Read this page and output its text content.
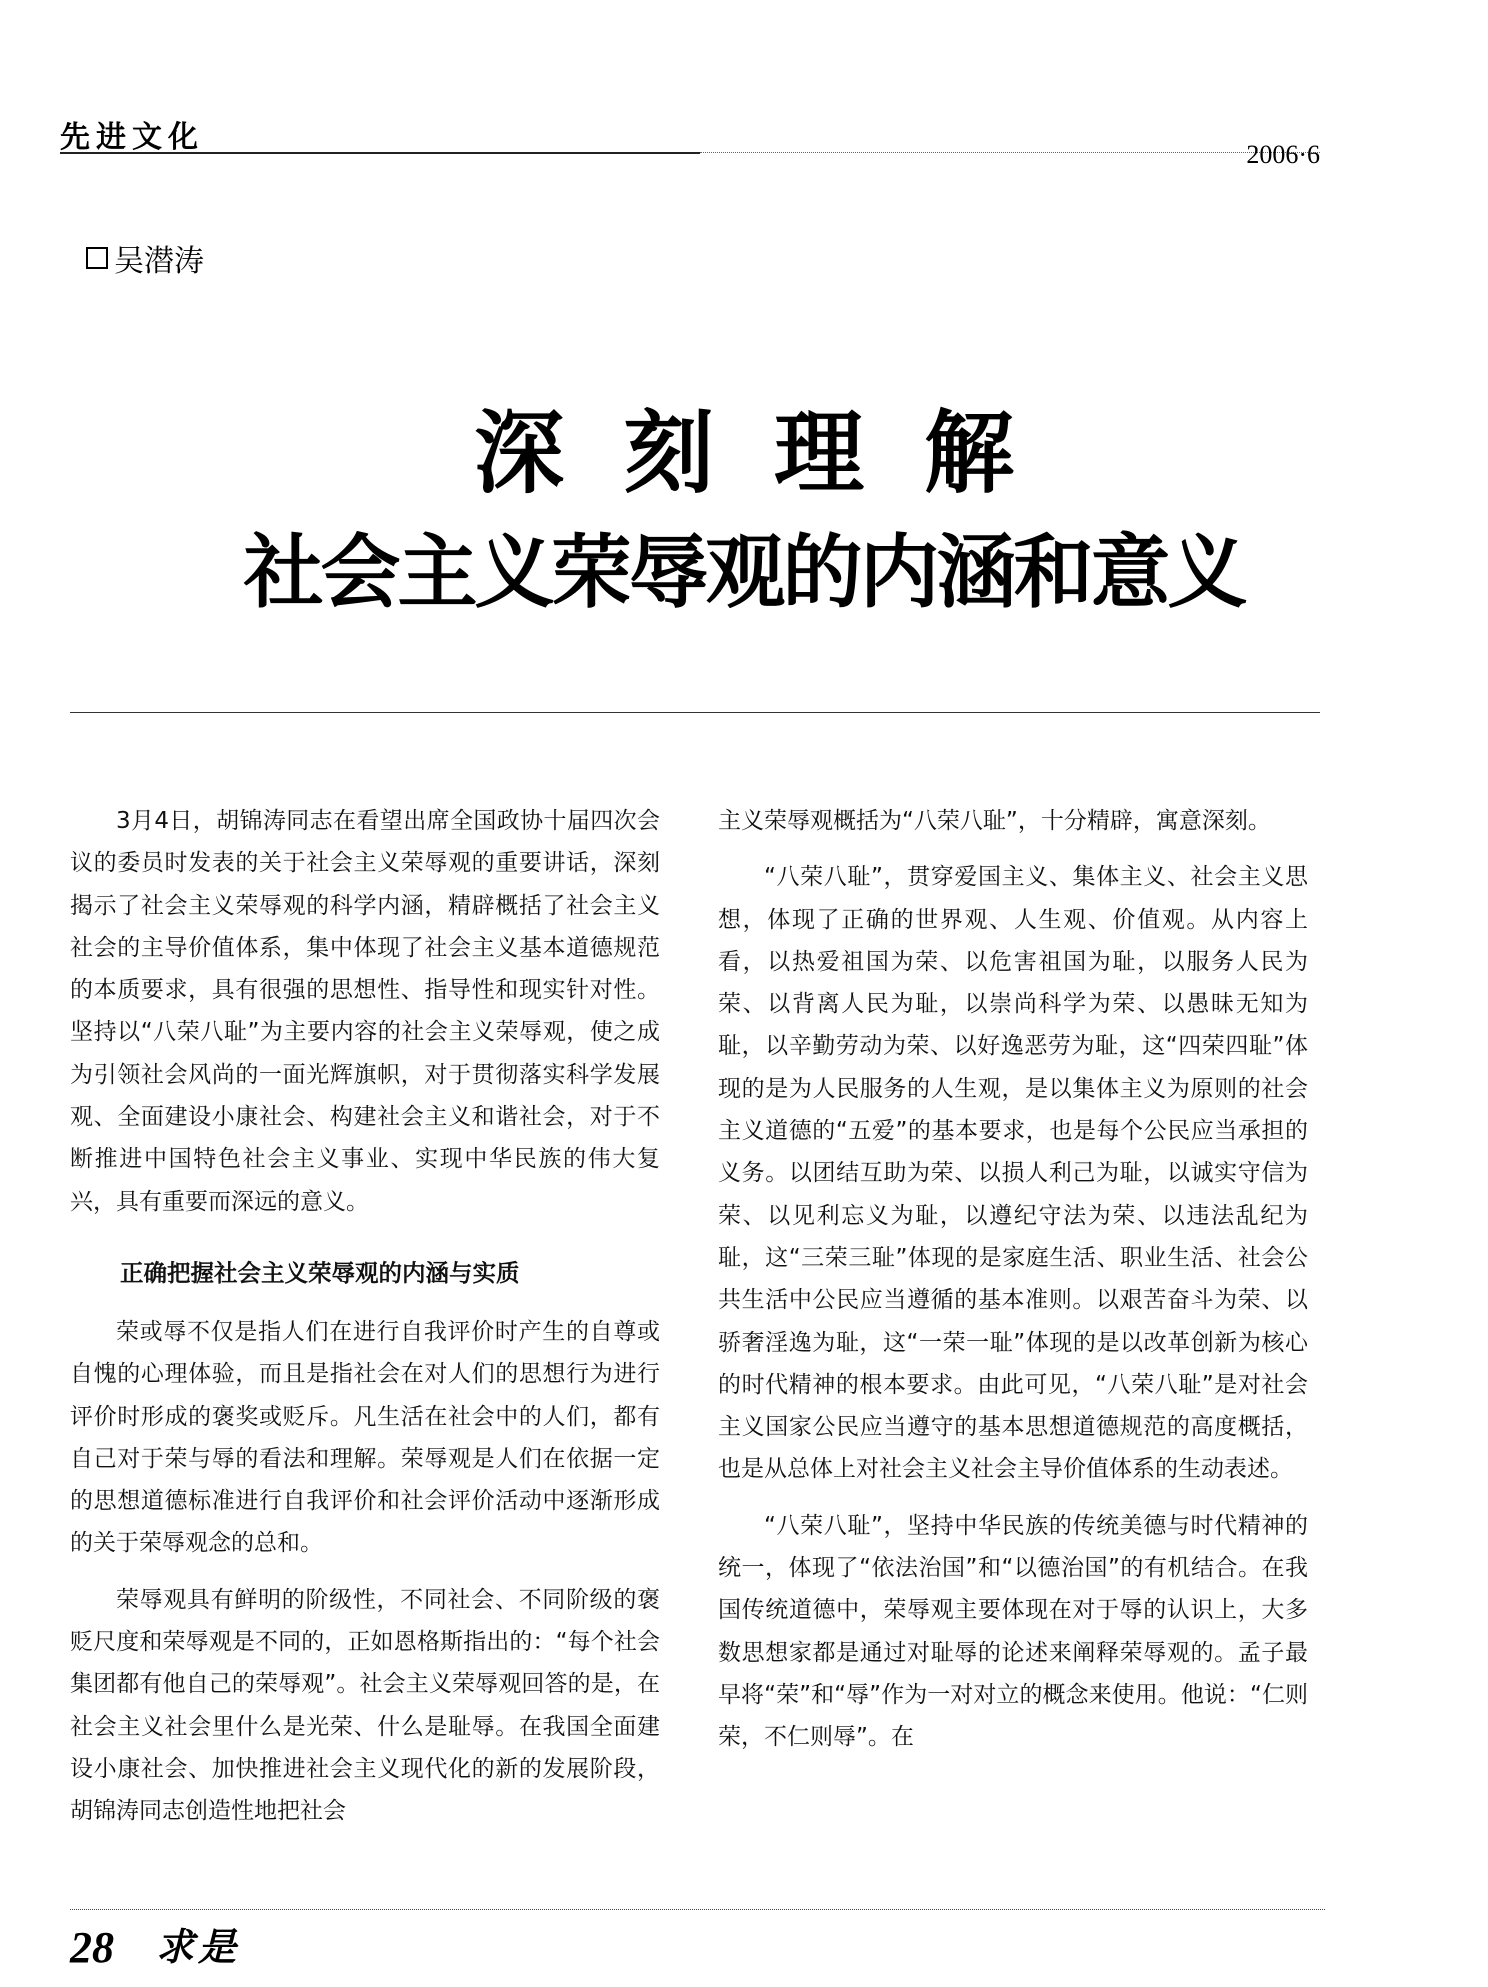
先进文化	2006·6
吴潜涛
深刻理解
社会主义荣辱观的内涵和意义

3月4日，胡锦涛同志在看望出席全国政协十届四次会议的委员时发表的关于社会主义荣辱观的重要讲话，深刻揭示了社会主义荣辱观的科学内涵，精辟概括了社会主义社会的主导价值体系，集中体现了社会主义基本道德规范的本质要求，具有很强的思想性、指导性和现实针对性。坚持以“八荣八耻”为主要内容的社会主义荣辱观，使之成为引领社会风尚的一面光辉旗帜，对于贯彻落实科学发展观、全面建设小康社会、构建社会主义和谐社会，对于不断推进中国特色社会主义事业、实现中华民族的伟大复兴，具有重要而深远的意义。

正确把握社会主义荣辱观的内涵与实质

荣或辱不仅是指人们在进行自我评价时产生的自尊或自愧的心理体验，而且是指社会在对人们的思想行为进行评价时形成的褒奖或贬斥。凡生活在社会中的人们，都有自己对于荣与辱的看法和理解。荣辱观是人们在依据一定的思想道德标准进行自我评价和社会评价活动中逐渐形成的关于荣辱观念的总和。

荣辱观具有鲜明的阶级性，不同社会、不同阶级的褒贬尺度和荣辱观是不同的，正如恩格斯指出的：“每个社会集团都有他自己的荣辱观”。社会主义荣辱观回答的是，在社会主义社会里什么是光荣、什么是耻辱。在我国全面建设小康社会、加快推进社会主义现代化的新的发展阶段，胡锦涛同志创造性地把社会

主义荣辱观概括为“八荣八耻”，十分精辟，寓意深刻。

“八荣八耻”，贯穿爱国主义、集体主义、社会主义思想，体现了正确的世界观、人生观、价值观。从内容上看，以热爱祖国为荣、以危害祖国为耻，以服务人民为荣、以背离人民为耻，以崇尚科学为荣、以愚昧无知为耻，以辛勤劳动为荣、以好逸恶劳为耻，这“四荣四耻”体现的是为人民服务的人生观，是以集体主义为原则的社会主义道德的“五爱”的基本要求，也是每个公民应当承担的义务。以团结互助为荣、以损人利己为耻，以诚实守信为荣、以见利忘义为耻，以遵纪守法为荣、以违法乱纪为耻，这“三荣三耻”体现的是家庭生活、职业生活、社会公共生活中公民应当遵循的基本准则。以艰苦奋斗为荣、以骄奢淫逸为耻，这“一荣一耻”体现的是以改革创新为核心的时代精神的根本要求。由此可见，“八荣八耻”是对社会主义国家公民应当遵守的基本思想道德规范的高度概括，也是从总体上对社会主义社会主导价值体系的生动表述。

“八荣八耻”，坚持中华民族的传统美德与时代精神的统一，体现了“依法治国”和“以德治国”的有机结合。在我国传统道德中，荣辱观主要体现在对于辱的认识上，大多数思想家都是通过对耻辱的论述来阐释荣辱观的。孟子最早将“荣”和“辱”作为一对对立的概念来使用。他说：“仁则荣，不仁则辱”。在

28 求是
